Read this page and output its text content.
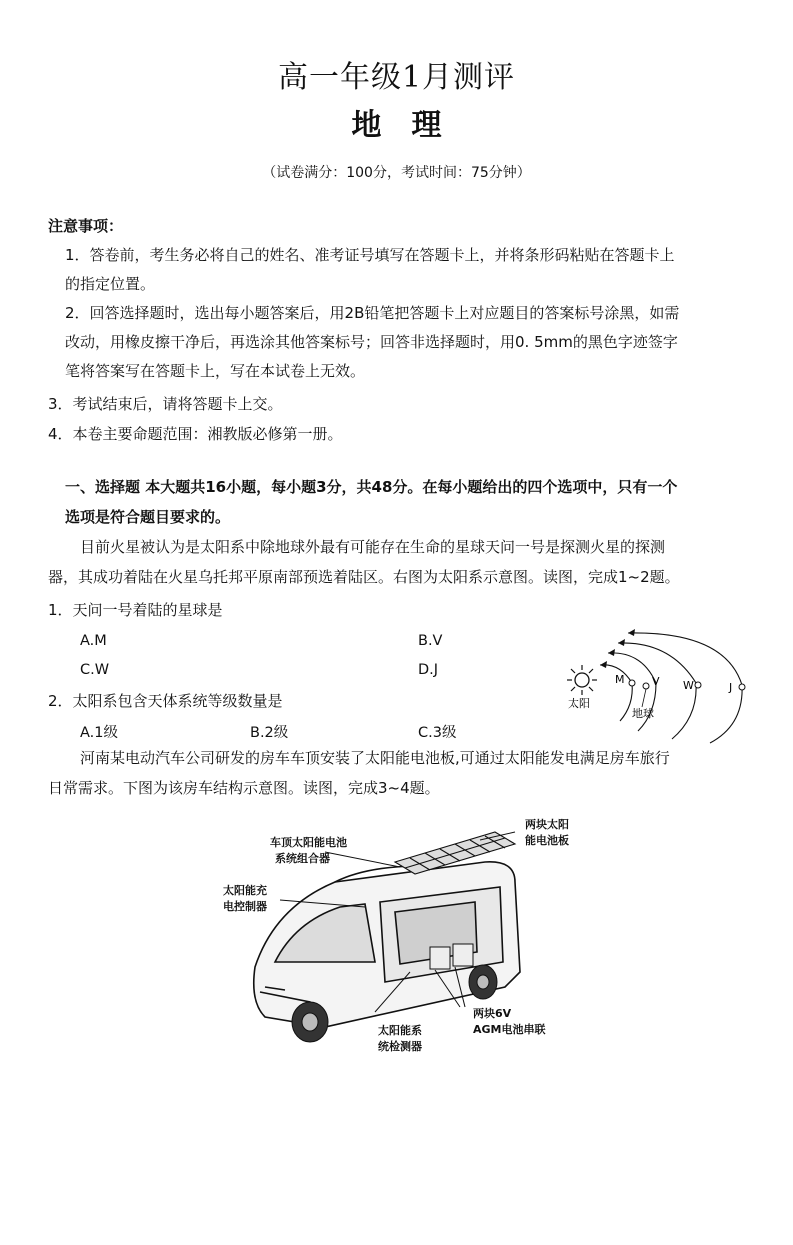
高一年级1月测评
地　理
（试卷满分：100分，考试时间：75分钟）
注意事项：
1．答卷前，考生务必将自己的姓名、准考证号填写在答题卡上，并将条形码粘贴在答题卡上
的指定位置。
2．回答选择题时，选出每小题答案后，用2B铅笔把答题卡上对应题目的答案标号涂黑，如需
改动，用橡皮擦干净后，再选涂其他答案标号；回答非选择题时，用0. 5mm的黑色字迹签字
笔将答案写在答题卡上，写在本试卷上无效。
3．考试结束后，请将答题卡上交。
4．本卷主要命题范围：湘教版必修第一册。
一、选择题 本大题共16小题，每小题3分，共48分。在每小题给出的四个选项中，只有一个
选项是符合题目要求的。
目前火星被认为是太阳系中除地球外最有可能存在生命的星球天问一号是探测火星的探测
器，其成功着陆在火星乌托邦平原南部预选着陆区。右图为太阳系示意图。读图，完成1~2题。
1．天问一号着陆的星球是
A.M	B.V
C.W	D.J
2．太阳系包含天体系统等级数量是
A.1级	B.2级	C.3级
河南某电动汽车公司研发的房车车顶安装了太阳能电池板,可通过太阳能发电满足房车旅行
日常需求。下图为该房车结构示意图。读图，完成3~4题。
太阳
M	V W	J
地球
车顶太阳能电池
系统组合器
两块太阳
能电池板
太阳能充
电控制器
太阳能系
统检测器
两块6V
AGM电池串联
